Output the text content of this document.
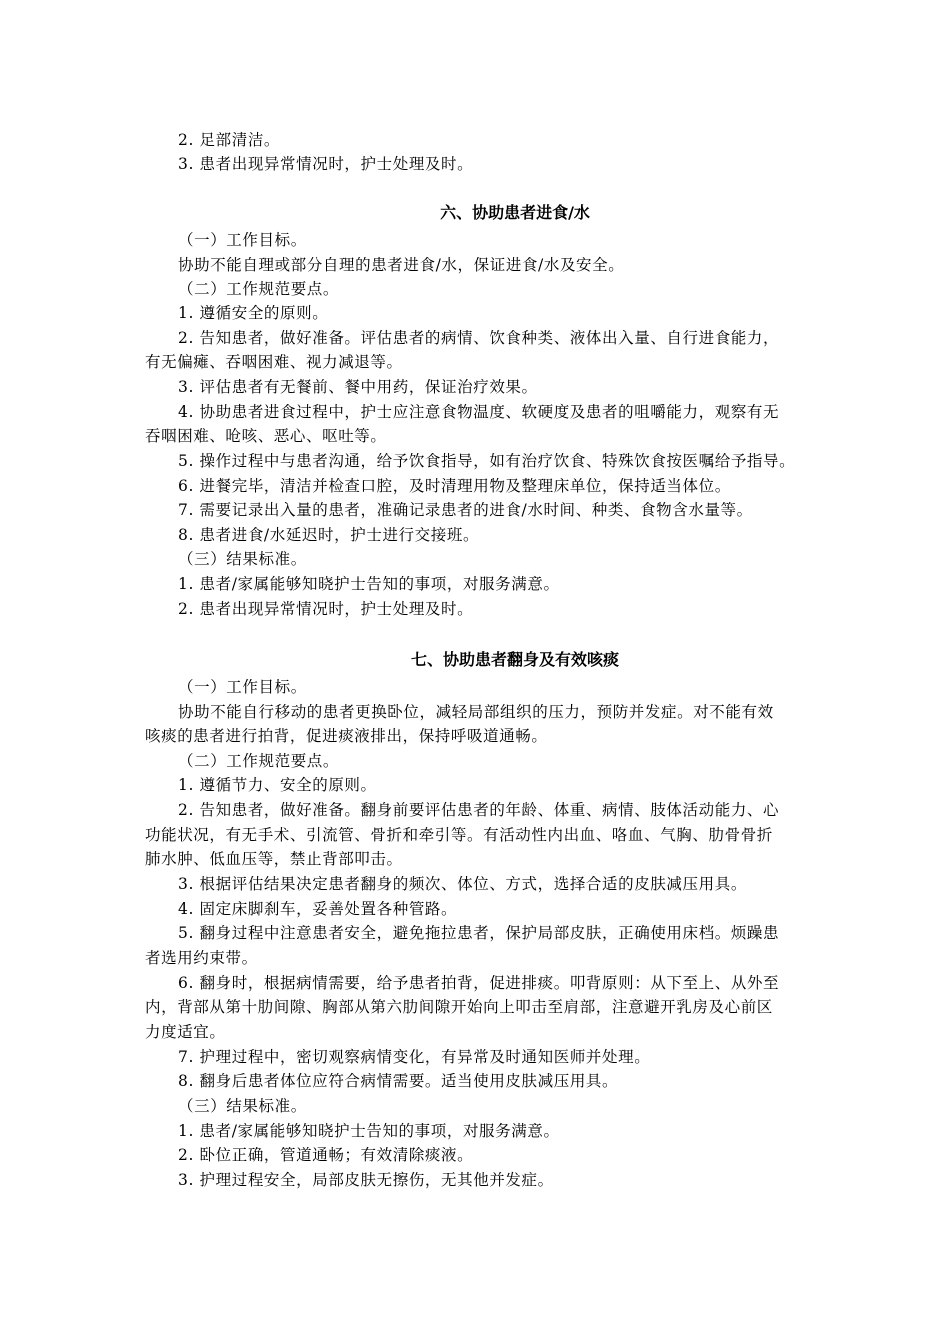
2. 足部清洁。
3. 患者出现异常情况时，护士处理及时。
六、协助患者进食/水
（一）工作目标。
协助不能自理或部分自理的患者进食/水，保证进食/水及安全。
（二）工作规范要点。
1. 遵循安全的原则。
2. 告知患者，做好准备。评估患者的病情、饮食种类、液体出入量、自行进食能力，
有无偏瘫、吞咽困难、视力减退等。
3. 评估患者有无餐前、餐中用药，保证治疗效果。
4. 协助患者进食过程中，护士应注意食物温度、软硬度及患者的咀嚼能力，观察有无
吞咽困难、呛咳、恶心、呕吐等。
5. 操作过程中与患者沟通，给予饮食指导，如有治疗饮食、特殊饮食按医嘱给予指导。
6. 进餐完毕，清洁并检查口腔，及时清理用物及整理床单位，保持适当体位。
7. 需要记录出入量的患者，准确记录患者的进食/水时间、种类、食物含水量等。
8. 患者进食/水延迟时，护士进行交接班。
（三）结果标准。
1. 患者/家属能够知晓护士告知的事项，对服务满意。
2. 患者出现异常情况时，护士处理及时。
七、协助患者翻身及有效咳痰
（一）工作目标。
协助不能自行移动的患者更换卧位，减轻局部组织的压力，预防并发症。对不能有效
咳痰的患者进行拍背，促进痰液排出，保持呼吸道通畅。
（二）工作规范要点。
1. 遵循节力、安全的原则。
2. 告知患者，做好准备。翻身前要评估患者的年龄、体重、病情、肢体活动能力、心
功能状况，有无手术、引流管、骨折和牵引等。有活动性内出血、咯血、气胸、肋骨骨折
肺水肿、低血压等，禁止背部叩击。
3. 根据评估结果决定患者翻身的频次、体位、方式，选择合适的皮肤减压用具。
4. 固定床脚刹车，妥善处置各种管路。
5. 翻身过程中注意患者安全，避免拖拉患者，保护局部皮肤，正确使用床档。烦躁患
者选用约束带。
6. 翻身时，根据病情需要，给予患者拍背，促进排痰。叩背原则：从下至上、从外至
内，背部从第十肋间隙、胸部从第六肋间隙开始向上叩击至肩部，注意避开乳房及心前区
力度适宜。
7. 护理过程中，密切观察病情变化，有异常及时通知医师并处理。
8. 翻身后患者体位应符合病情需要。适当使用皮肤减压用具。
（三）结果标准。
1. 患者/家属能够知晓护士告知的事项，对服务满意。
2. 卧位正确，管道通畅；有效清除痰液。
3. 护理过程安全，局部皮肤无擦伤，无其他并发症。
